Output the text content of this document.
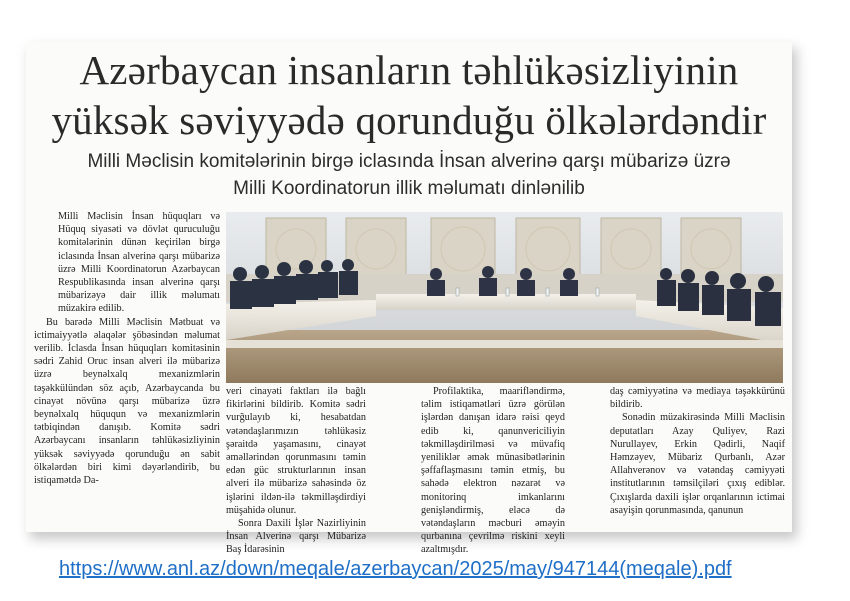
Azərbaycan insanların təhlükəsizliyinin
yüksək səviyyədə qorunduğu ölkələrdəndir
Milli Məclisin komitələrinin birgə iclasında İnsan alverinə qarşı mübarizə üzrə
Milli Koordinatorun illik məlumatı dinlənilib

Milli Məclisin İnsan hüquqları və Hüquq siyasəti və dövlət quruculuğu komitələrinin dünən keçirilən birgə iclasında İnsan alverinə qarşı mübarizə üzrə Milli Koordinatorun Azərbaycan Respublikasında insan alverinə qarşı mübarizəyə dair illik məlumatı müzakirə edilib.

Bu barədə Milli Məclisin Mətbuat və ictimaiyyətlə əlaqələr şöbəsindən məlumat verilib. İclasda İnsan hüquqları komitəsinin sədri Zahid Oruc insan alveri ilə mübarizə üzrə beynəlxalq mexanizmlərin təşəkkülündən söz açıb, Azərbaycanda bu cinayət növünə qarşı mübarizə üzrə beynəlxalq hüququn və mexanizmlərin tətbiqindən danışıb. Komitə sədri Azərbaycanı insanların təhlükəsizliyinin yüksək səviyyədə qorunduğu ən sabit ölkələrdən biri kimi dəyərləndirib, bu istiqamətdə Da-

veri cinayəti faktları ilə bağlı fikirlərini bildirib. Komitə sədri vurğulayıb ki, hesabatdan vətəndaşlarımızın təhlükəsiz şəraitdə yaşamasını, cinayət əməllərindən qorunmasını təmin edən güc strukturlarının insan alveri ilə mübarizə sahəsində öz işlərini ildən-ilə təkmilləşdirdiyi müşahidə olunur.

Sonra Daxili İşlər Nazirliyinin İnsan Alverinə qarşı Mübarizə Baş İdarəsinin

Profilaktika, maarifləndirmə, təlim istiqamətləri üzrə görülən işlərdən danışan idarə rəisi qeyd edib ki, qanunvericiliyin təkmilləşdirilməsi və müvafiq yeniliklər əmək münasibətlərinin şəffaflaşmasını təmin etmiş, bu sahədə elektron nəzarət və monitorinq imkanlarını genişləndirmiş, eləcə də vətəndaşların məcburi əməyin qurbanına çevrilmə riskini xeyli azaltmışdır.

daş cəmiyyətinə və mediaya təşəkkürünü bildirib.

Sonədin müzakirəsində Milli Məclisin deputatları Azay Quliyev, Razi Nurullayev, Erkin Qədirli, Naqif Həmzəyev, Mübariz Qurbanlı, Azər Allahverənov və vətəndaş cəmiyyəti institutlarının təmsilçiləri çıxış ediblər. Çıxışlarda daxili işlər orqanlarının ictimai asayişin qorunmasında, qanunun

https://www.anl.az/down/meqale/azerbaycan/2025/may/947144(meqale).pdf
